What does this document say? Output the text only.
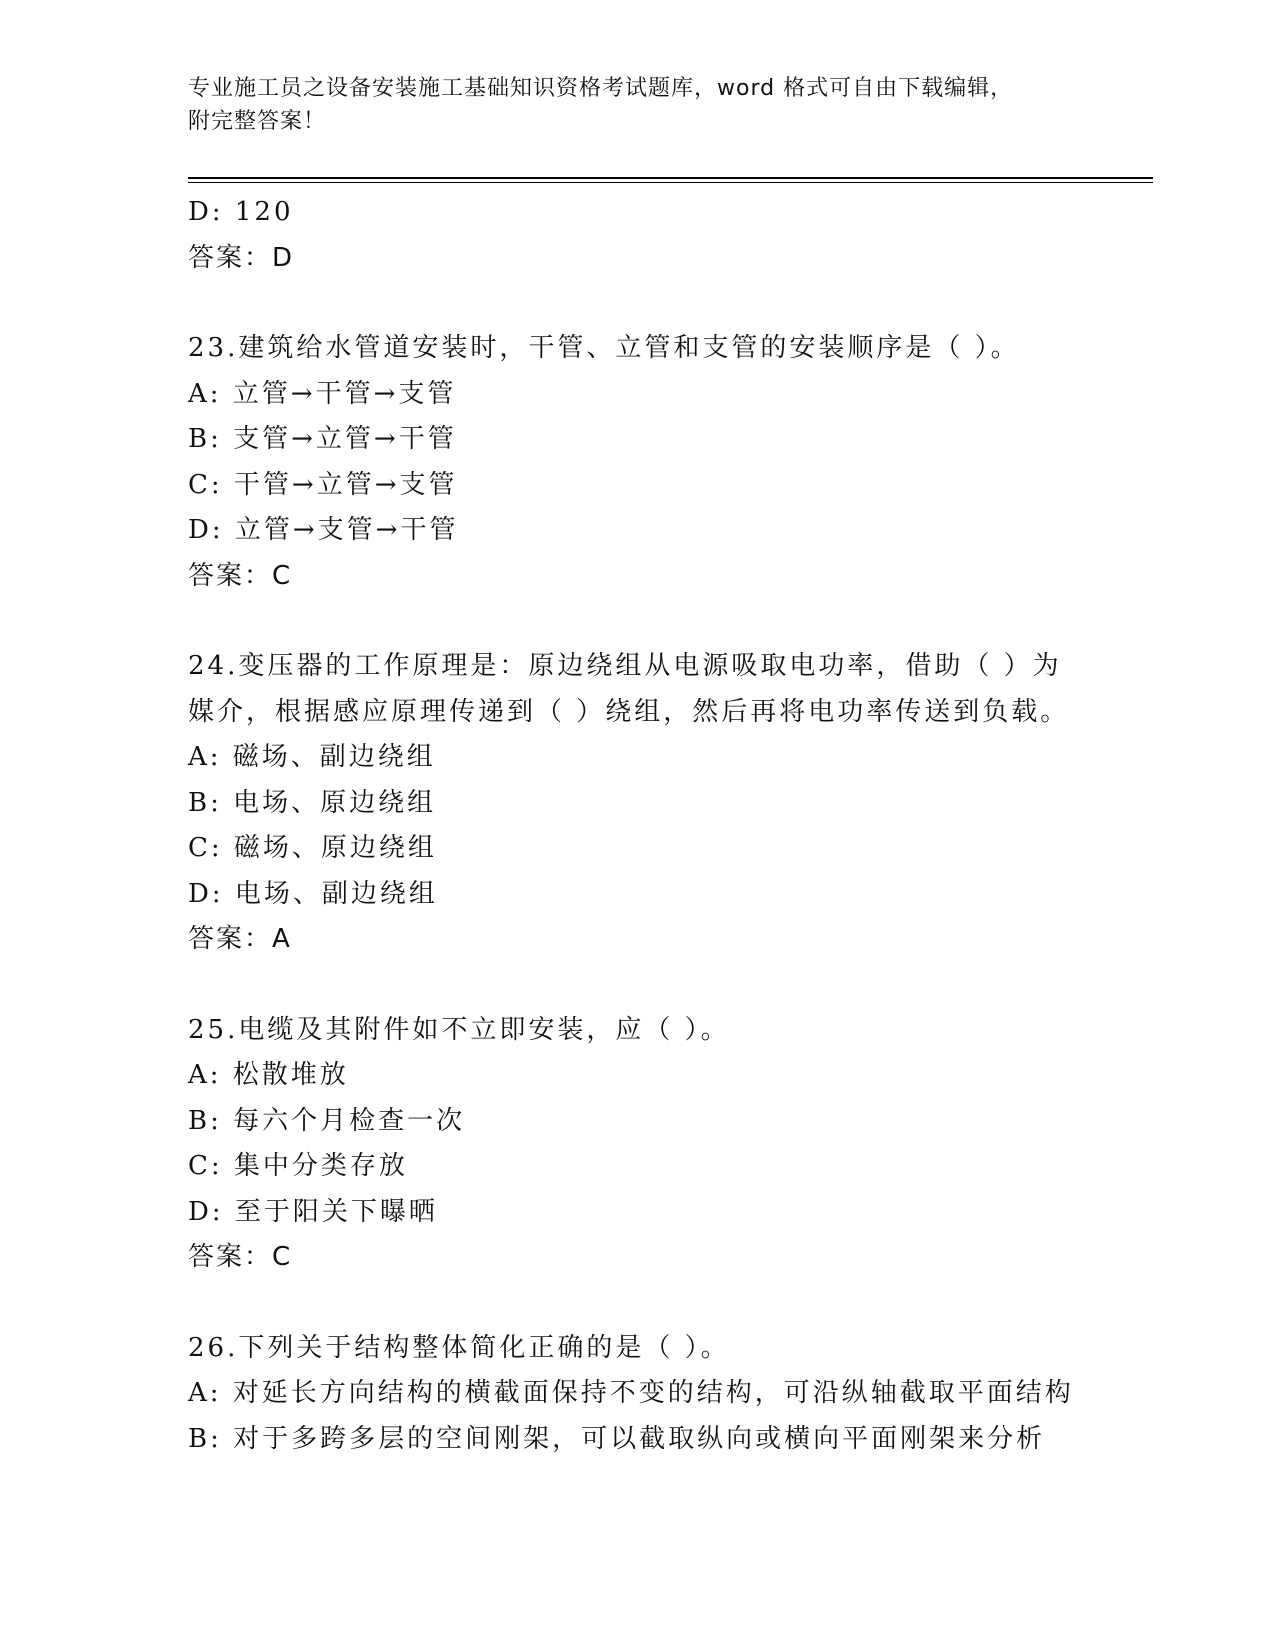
专业施工员之设备安装施工基础知识资格考试题库，word 格式可自由下载编辑，
附完整答案！
D: 120
答案：D
23.建筑给水管道安装时，干管、立管和支管的安装顺序是（ ）。
A: 立管→干管→支管
B: 支管→立管→干管
C: 干管→立管→支管
D: 立管→支管→干管
答案：C
24.变压器的工作原理是：原边绕组从电源吸取电功率，借助（ ）为
媒介，根据感应原理传递到（ ）绕组，然后再将电功率传送到负载。
A: 磁场、副边绕组
B: 电场、原边绕组
C: 磁场、原边绕组
D: 电场、副边绕组
答案：A
25.电缆及其附件如不立即安装，应（ ）。
A: 松散堆放
B: 每六个月检查一次
C: 集中分类存放
D: 至于阳关下曝晒
答案：C
26.下列关于结构整体简化正确的是（ ）。
A: 对延长方向结构的横截面保持不变的结构，可沿纵轴截取平面结构
B: 对于多跨多层的空间刚架，可以截取纵向或横向平面刚架来分析
